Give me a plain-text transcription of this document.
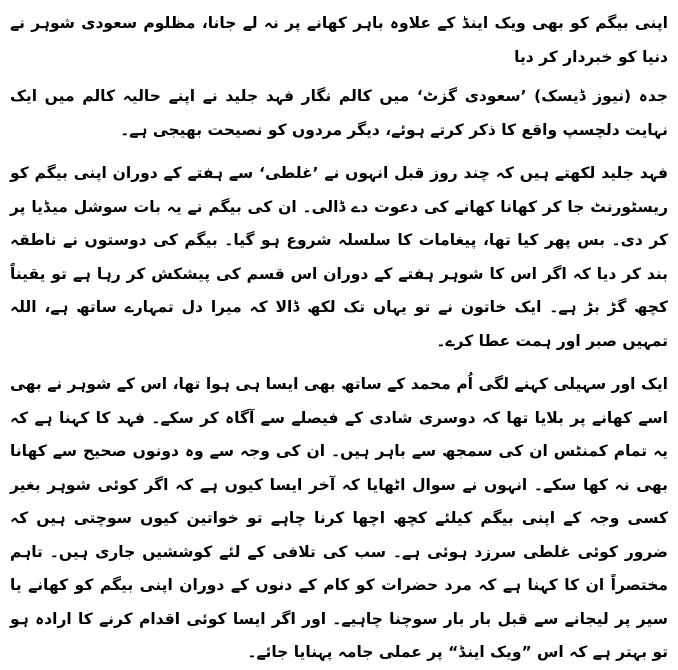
اپنی بیگم کو بھی ویک اینڈ کے علاوہ باہر کھانے پر نہ لے جانا، مظلوم سعودی شوہر نے دنیا کو خبردار کر دیا

جدہ (نیوز ڈیسک) ’سعودی گزٹ‘ میں کالم نگار فہد جلید نے اپنے حالیہ کالم میں ایک نہایت دلچسپ واقع کا ذکر کرتے ہوئے، دیگر مردوں کو نصیحت بھیجی ہے۔

فہد جلید لکھتے ہیں کہ چند روز قبل انہوں نے ’غلطی‘ سے ہفتے کے دوران اپنی بیگم کو ریسٹورنٹ جا کر کھانا کھانے کی دعوت دے ڈالی۔ ان کی بیگم نے یہ بات سوشل میڈیا پر کر دی۔ بس پھر کیا تھا، پیغامات کا سلسلہ شروع ہو گیا۔ بیگم کی دوستوں نے ناطقہ بند کر دیا کہ اگر اس کا شوہر ہفتے کے دوران اس قسم کی پیشکش کر رہا ہے تو یقیناً کچھ گڑ بڑ ہے۔ ایک خاتون نے تو یہاں تک لکھ ڈالا کہ میرا دل تمہارے ساتھ ہے، اللہ تمہیں صبر اور ہمت عطا کرے۔

ایک اور سہیلی کہنے لگی اُم محمد کے ساتھ بھی ایسا ہی ہوا تھا، اس کے شوہر نے بھی اسے کھانے پر بلایا تھا کہ دوسری شادی کے فیصلے سے آگاہ کر سکے۔ فہد کا کہنا ہے کہ یہ تمام کمنٹس ان کی سمجھ سے باہر ہیں۔ ان کی وجہ سے وہ دونوں صحیح سے کھانا بھی نہ کھا سکے۔ انہوں نے سوال اٹھایا کہ آخر ایسا کیوں ہے کہ اگر کوئی شوہر بغیر کسی وجہ کے اپنی بیگم کیلئے کچھ اچھا کرنا چاہے تو خواتین کیوں سوچتی ہیں کہ ضرور کوئی غلطی سرزد ہوئی ہے۔ سب کی تلافی کے لئے کوششیں جاری ہیں۔ تاہم مختصراً ان کا کہنا ہے کہ مرد حضرات کو کام کے دنوں کے دوران اپنی بیگم کو کھانے یا سیر پر لیجانے سے قبل بار بار سوچنا چاہیے۔ اور اگر ایسا کوئی اقدام کرنے کا ارادہ ہو تو بہتر ہے کہ اس ”ویک اینڈ“ پر عملی جامہ پہنایا جائے۔
